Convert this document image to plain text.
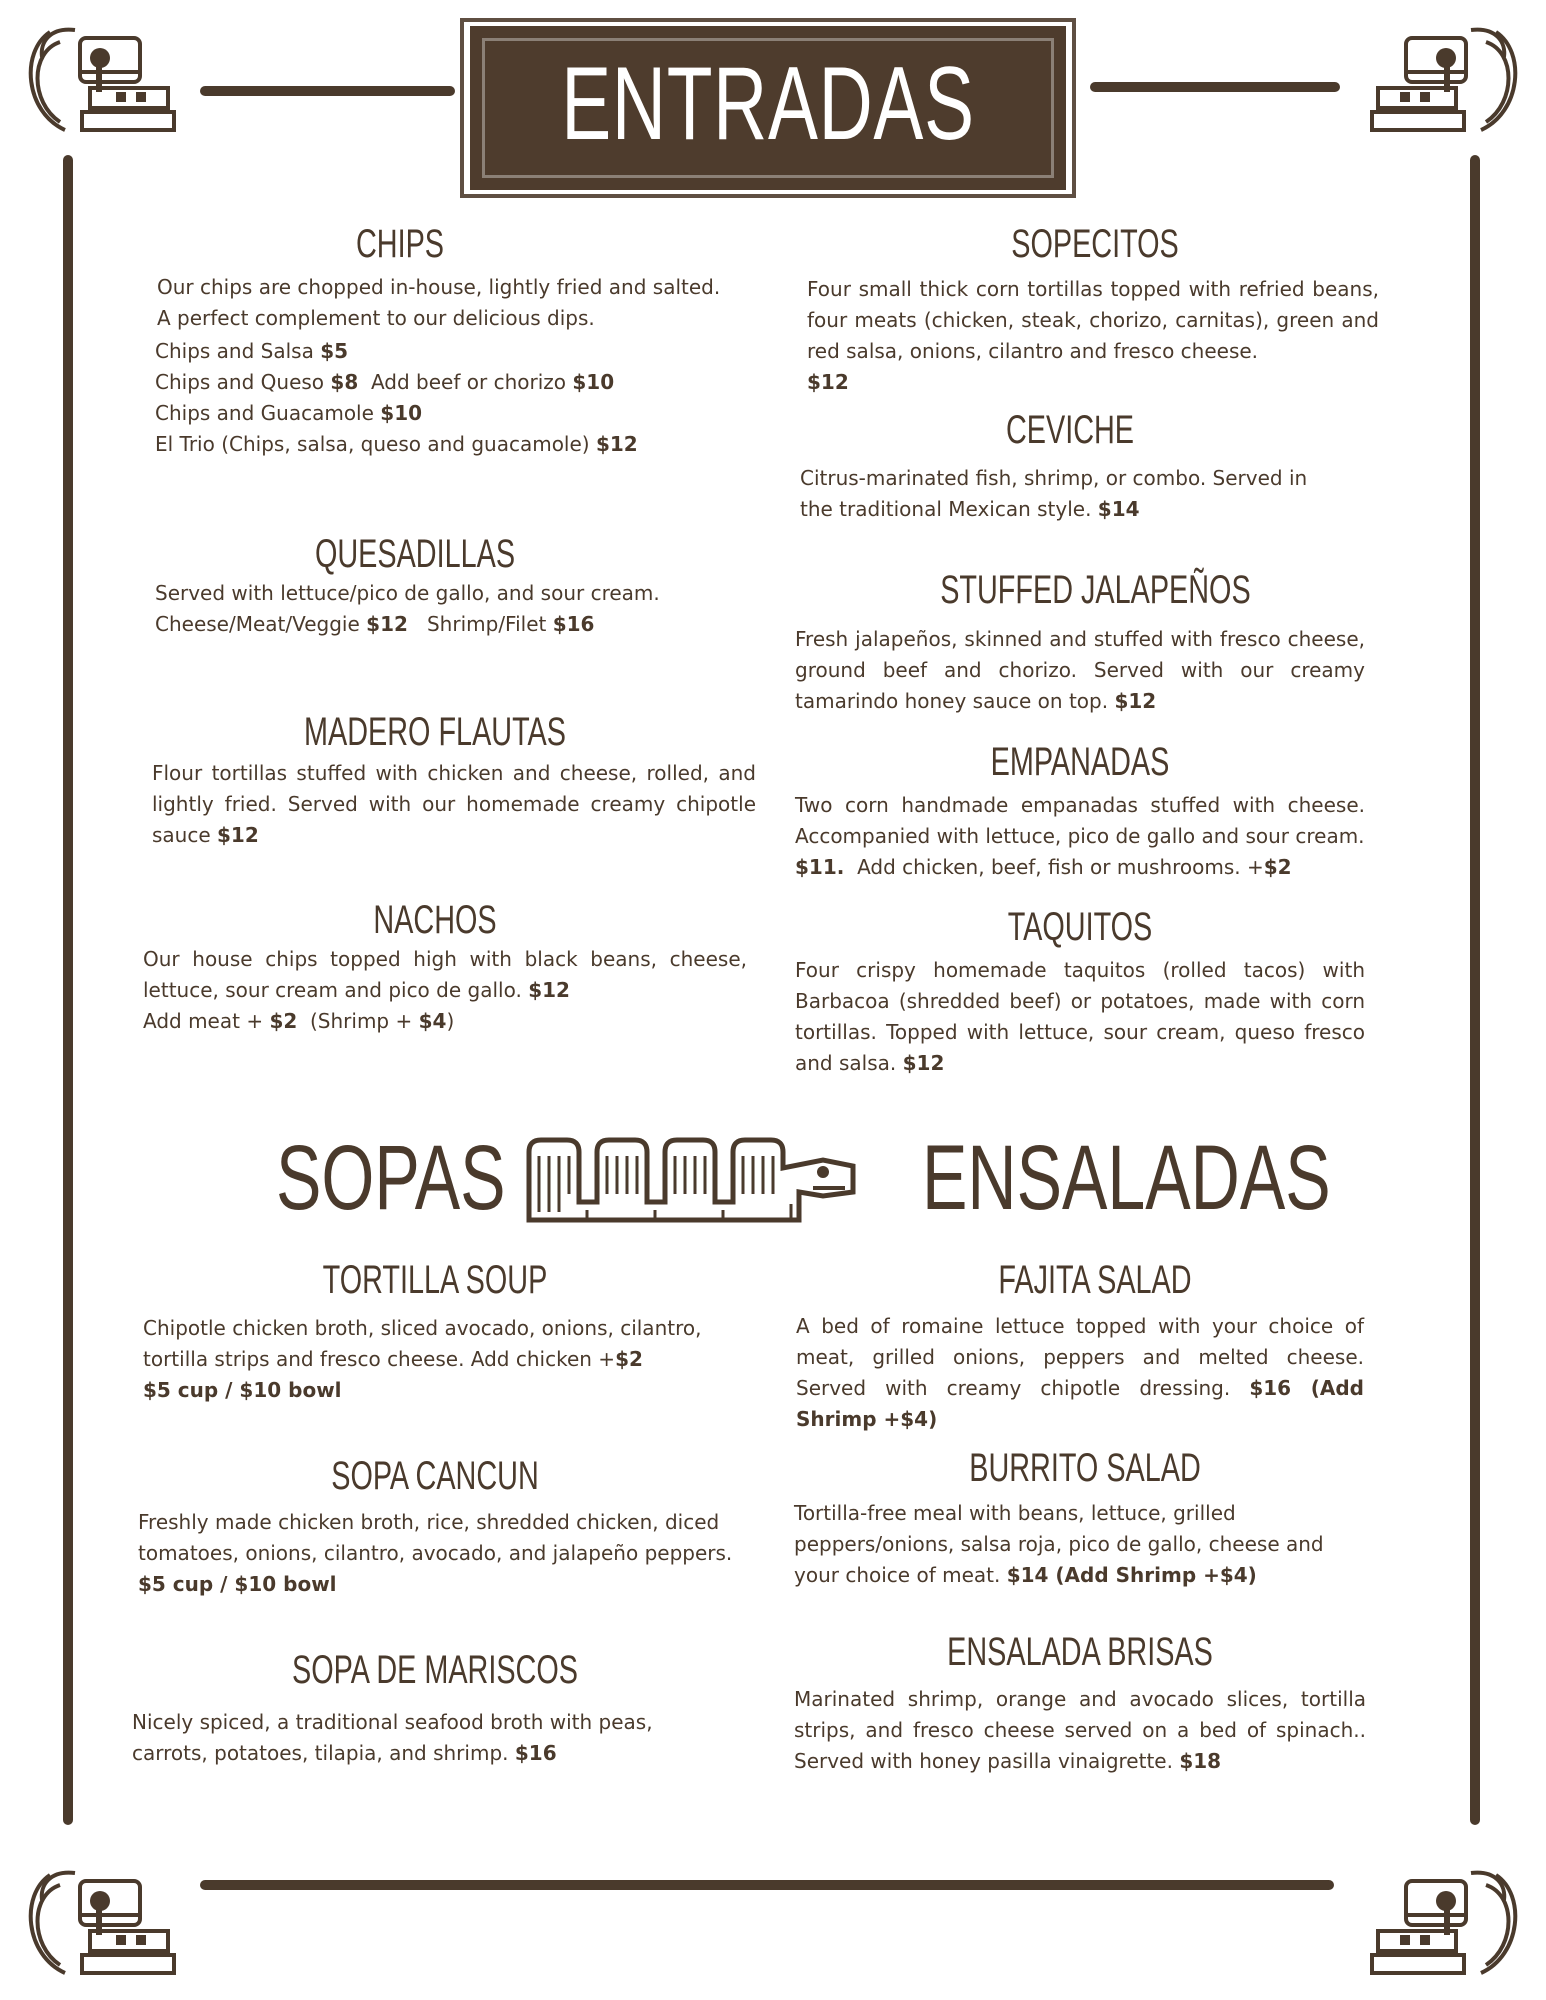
ENTRADAS
CHIPS
Our chips are chopped in-house, lightly fried and salted. A perfect complement to our delicious dips.
Chips and Salsa $5
Chips and Queso $8 Add beef or chorizo $10
Chips and Guacamole $10
El Trio (Chips, salsa, queso and guacamole) $12
QUESADILLAS
Served with lettuce/pico de gallo, and sour cream.
Cheese/Meat/Veggie $12 Shrimp/Filet $16
MADERO FLAUTAS
Flour tortillas stuffed with chicken and cheese, rolled, and lightly fried. Served with our homemade creamy chipotle sauce $12
NACHOS
Our house chips topped high with black beans, cheese, lettuce, sour cream and pico de gallo. $12
Add meat + $2 (Shrimp + $4)
SOPECITOS
Four small thick corn tortillas topped with refried beans, four meats (chicken, steak, chorizo, carnitas), green and red salsa, onions, cilantro and fresco cheese.
$12
CEVICHE
Citrus-marinated fish, shrimp, or combo. Served in the traditional Mexican style. $14
STUFFED JALAPEÑOS
Fresh jalapeños, skinned and stuffed with fresco cheese, ground beef and chorizo. Served with our creamy tamarindo honey sauce on top. $12
EMPANADAS
Two corn handmade empanadas stuffed with cheese. Accompanied with lettuce, pico de gallo and sour cream.
$11. Add chicken, beef, fish or mushrooms. +$2
TAQUITOS
Four crispy homemade taquitos (rolled tacos) with Barbacoa (shredded beef) or potatoes, made with corn tortillas. Topped with lettuce, sour cream, queso fresco and salsa. $12
SOPAS	ENSALADAS
TORTILLA SOUP
Chipotle chicken broth, sliced avocado, onions, cilantro, tortilla strips and fresco cheese. Add chicken +$2
$5 cup / $10 bowl
SOPA CANCUN
Freshly made chicken broth, rice, shredded chicken, diced tomatoes, onions, cilantro, avocado, and jalapeño peppers.
$5 cup / $10 bowl
SOPA DE MARISCOS
Nicely spiced, a traditional seafood broth with peas, carrots, potatoes, tilapia, and shrimp. $16
FAJITA SALAD
A bed of romaine lettuce topped with your choice of meat, grilled onions, peppers and melted cheese. Served with creamy chipotle dressing. $16 (Add Shrimp +$4)
BURRITO SALAD
Tortilla-free meal with beans, lettuce, grilled peppers/onions, salsa roja, pico de gallo, cheese and your choice of meat. $14 (Add Shrimp +$4)
ENSALADA BRISAS
Marinated shrimp, orange and avocado slices, tortilla strips, and fresco cheese served on a bed of spinach.. Served with honey pasilla vinaigrette. $18
